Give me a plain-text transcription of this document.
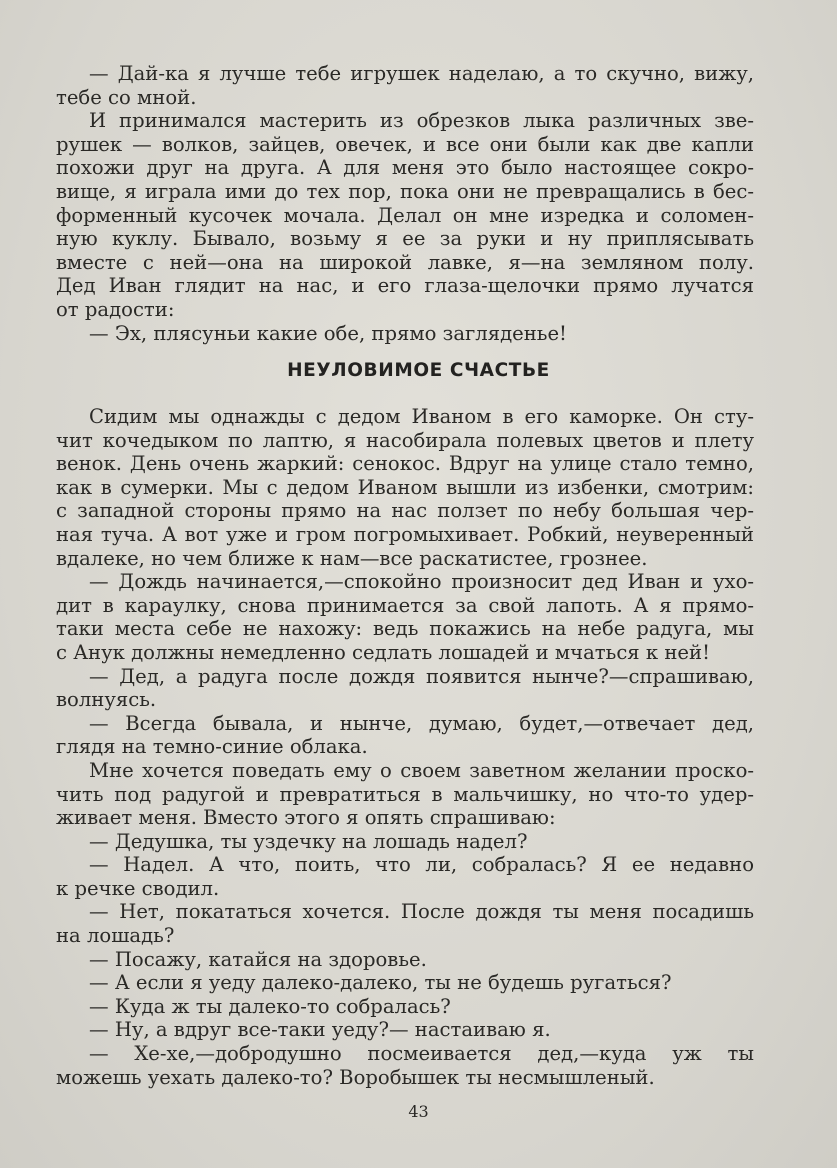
— Дай-ка я лучше тебе игрушек наделаю, а то скучно, вижу,
тебе со мной.
И принимался мастерить из обрезков лыка различных зве-
рушек — волков, зайцев, овечек, и все они были как две капли
похожи друг на друга. А для меня это было настоящее сокро-
вище, я играла ими до тех пор, пока они не превращались в бес-
форменный кусочек мочала. Делал он мне изредка и соломен-
ную куклу. Бывало, возьму я ее за руки и ну приплясывать
вместе с ней—она на широкой лавке, я—на земляном полу.
Дед Иван глядит на нас, и его глаза-щелочки прямо лучатся
от радости:
— Эх, плясуньи какие обе, прямо загляденье!
НЕУЛОВИМОЕ СЧАСТЬЕ
Сидим мы однажды с дедом Иваном в его каморке. Он сту-
чит кочедыком по лаптю, я насобирала полевых цветов и плету
венок. День очень жаркий: сенокос. Вдруг на улице стало темно,
как в сумерки. Мы с дедом Иваном вышли из избенки, смотрим:
с западной стороны прямо на нас ползет по небу большая чер-
ная туча. А вот уже и гром погромыхивает. Робкий, неуверенный
вдалеке, но чем ближе к нам—все раскатистее, грознее.
— Дождь начинается,—спокойно произносит дед Иван и ухо-
дит в караулку, снова принимается за свой лапоть. А я прямо-
таки места себе не нахожу: ведь покажись на небе радуга, мы
с Анук должны немедленно седлать лошадей и мчаться к ней!
— Дед, а радуга после дождя появится нынче?—спрашиваю,
волнуясь.
— Всегда бывала, и нынче, думаю, будет,—отвечает дед,
глядя на темно-синие облака.
Мне хочется поведать ему о своем заветном желании проско-
чить под радугой и превратиться в мальчишку, но что-то удер-
живает меня. Вместо этого я опять спрашиваю:
— Дедушка, ты уздечку на лошадь надел?
— Надел. А что, поить, что ли, собралась? Я ее недавно
к речке сводил.
— Нет, покататься хочется. После дождя ты меня посадишь
на лошадь?
— Посажу, катайся на здоровье.
— А если я уеду далеко-далеко, ты не будешь ругаться?
— Куда ж ты далеко-то собралась?
— Ну, а вдруг все-таки уеду?— настаиваю я.
— Хе-хе,—добродушно посмеивается дед,—куда уж ты
можешь уехать далеко-то? Воробышек ты несмышленый.
43
